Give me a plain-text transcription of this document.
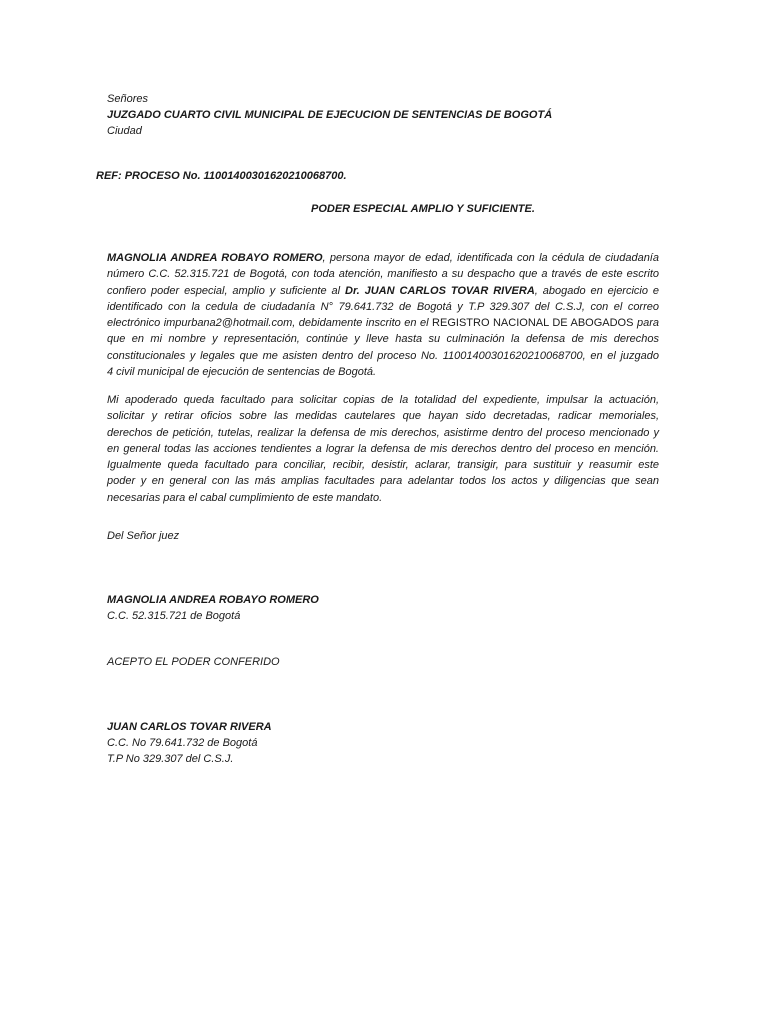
Señores
JUZGADO CUARTO CIVIL MUNICIPAL DE EJECUCION DE SENTENCIAS DE BOGOTÁ
Ciudad
REF: PROCESO No. 11001400301620210068700.
PODER ESPECIAL AMPLIO Y SUFICIENTE.
MAGNOLIA ANDREA ROBAYO ROMERO, persona mayor de edad, identificada con la cédula de ciudadanía
número C.C. 52.315.721 de Bogotá, con toda atención, manifiesto a su despacho que a través de este escrito
confiero poder especial, amplio y suficiente al Dr. JUAN CARLOS TOVAR RIVERA, abogado en ejercicio e
identificado con la cedula de ciudadanía N° 79.641.732 de Bogotá y T.P 329.307 del C.S.J, con el correo
electrónico impurbana2@hotmail.com, debidamente inscrito en el REGISTRO NACIONAL DE ABOGADOS para
que en mi nombre y representación, continúe y lleve hasta su culminación la defensa de mis derechos
constitucionales y legales que me asisten dentro del proceso No. 11001400301620210068700, en el juzgado
4 civil municipal de ejecución de sentencias de Bogotá.
Mi apoderado queda facultado para solicitar copias de la totalidad del expediente, impulsar la actuación,
solicitar y retirar oficios sobre las medidas cautelares que hayan sido decretadas, radicar memoriales,
derechos de petición, tutelas, realizar la defensa de mis derechos, asistirme dentro del proceso mencionado y
en general todas las acciones tendientes a lograr la defensa de mis derechos dentro del proceso en mención.
Igualmente queda facultado para conciliar, recibir, desistir, aclarar, transigir, para sustituir y reasumir este
poder y en general con las más amplias facultades para adelantar todos los actos y diligencias que sean
necesarias para el cabal cumplimiento de este mandato.
Del Señor juez
MAGNOLIA ANDREA ROBAYO ROMERO
C.C. 52.315.721 de Bogotá
ACEPTO EL PODER CONFERIDO
JUAN CARLOS TOVAR RIVERA
C.C. No 79.641.732 de Bogotá
T.P No 329.307 del C.S.J.
